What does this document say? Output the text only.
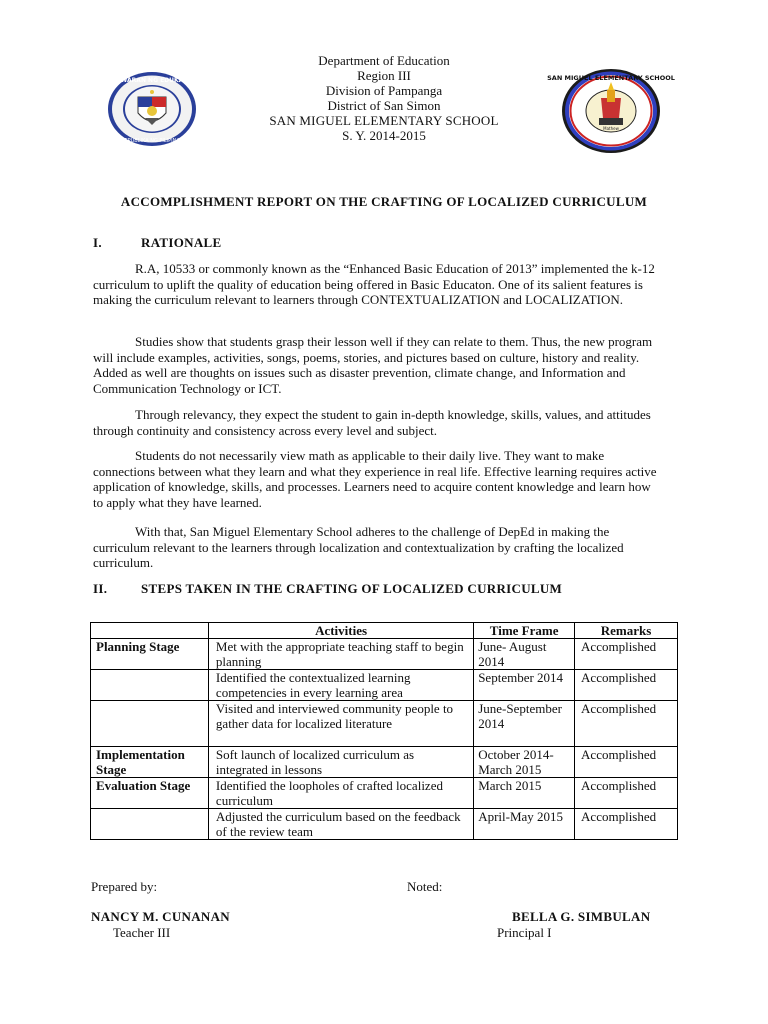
KAGAWARAN NG EDUKASYON
REPUBLIKA NG PILIPINAS
Mathew
SAN MIGUEL ELEMENTARY SCHOOL
Department of Education
Region III
Division of Pampanga
District of San Simon
SAN MIGUEL ELEMENTARY SCHOOL
S. Y. 2014-2015
ACCOMPLISHMENT REPORT ON THE CRAFTING OF LOCALIZED CURRICULUM
I.	RATIONALE

R.A, 10533 or commonly known as the “Enhanced Basic Education of 2013” implemented the k-12 curriculum to uplift the quality of education being offered in Basic Educaton. One of its salient features is making the curriculum relevant to learners through CONTEXTUALIZATION and LOCALIZATION.

Studies show that students grasp their lesson well if they can relate to them. Thus, the new program will include examples, activities, songs, poems, stories, and pictures based on culture, history and reality. Added as well are thoughts on issues such as disaster prevention, climate change, and Information and Communication Technology or ICT.

Through relevancy, they expect the student to gain in-depth knowledge, skills, values, and attitudes through continuity and consistency across every level and subject.

Students do not necessarily view math as applicable to their daily live. They want to make connections between what they learn and what they experience in real life. Effective learning requires active application of knowledge, skills, and processes. Learners need to acquire content knowledge and learn how to apply what they have learned.

With that, San Miguel Elementary School adheres to the challenge of DepEd in making the curriculum relevant to the learners through localization and contextualization by crafting the localized curriculum.

II.	STEPS TAKEN IN THE CRAFTING OF LOCALIZED CURRICULUM
	Activities	Time Frame	Remarks
Planning Stage	Met with the appropriate teaching staff to begin planning	June- August 2014	Accomplished
	Identified the contextualized learning competencies in every learning area	September 2014	Accomplished
	Visited and interviewed community people to gather data for localized literature	June-September 2014	Accomplished
Implementation Stage	Soft launch of localized curriculum as integrated in lessons	October 2014-March 2015	Accomplished
Evaluation Stage	Identified the loopholes of crafted localized curriculum	March 2015	Accomplished
	Adjusted the curriculum based on the feedback of the review team	April-May 2015	Accomplished
Prepared by:	Noted:
NANCY M. CUNANAN
Teacher III
BELLA G. SIMBULAN
Principal I
